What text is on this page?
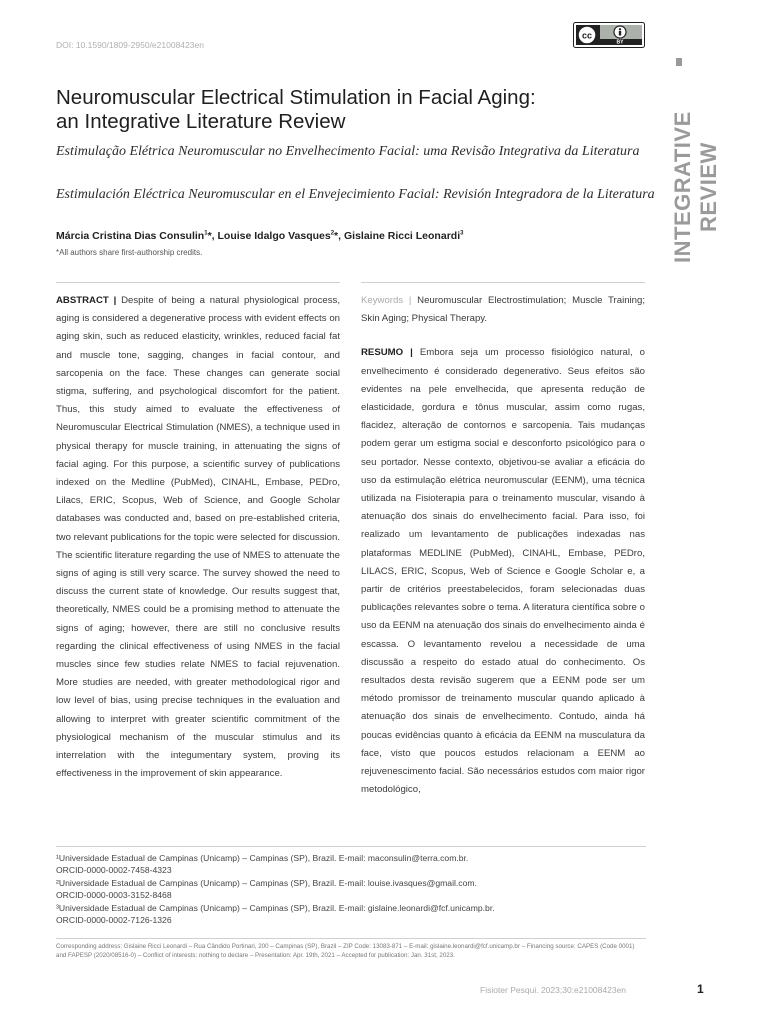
DOI: 10.1590/1809-2950/e21008423en
cc
BY
INTEGRATIVE REVIEW
Neuromuscular Electrical Stimulation in Facial Aging:
an Integrative Literature Review
Estimulação Elétrica Neuromuscular no Envelhecimento Facial: uma Revisão Integrativa da Literatura
Estimulación Eléctrica Neuromuscular en el Envejecimiento Facial: Revisión Integradora de la Literatura
Márcia Cristina Dias Consulin$^1$*, Louise Idalgo Vasques$^2$*, Gislaine Ricci Leonardi$^3$
*All authors share first-authorship credits.
ABSTRACT | Despite of being a natural physiological process, aging is considered a degenerative process with evident effects on aging skin, such as reduced elasticity, wrinkles, reduced facial fat and muscle tone, sagging, changes in facial contour, and sarcopenia on the face. These changes can generate social stigma, suffering, and psychological discomfort for the patient. Thus, this study aimed to evaluate the effectiveness of Neuromuscular Electrical Stimulation (NMES), a technique used in physical therapy for muscle training, in attenuating the signs of facial aging. For this purpose, a scientific survey of publications indexed on the Medline (PubMed), CINAHL, Embase, PEDro, Lilacs, ERIC, Scopus, Web of Science, and Google Scholar databases was conducted and, based on pre-established criteria, two relevant publications for the topic were selected for discussion. The scientific literature regarding the use of NMES to attenuate the signs of aging is still very scarce. The survey showed the need to discuss the current state of knowledge. Our results suggest that, theoretically, NMES could be a promising method to attenuate the signs of aging; however, there are still no conclusive results regarding the clinical effectiveness of using NMES in the facial muscles since few studies relate NMES to facial rejuvenation. More studies are needed, with greater methodological rigor and low level of bias, using precise techniques in the evaluation and allowing to interpret with greater scientific commitment of the physiological mechanism of the muscular stimulus and its interrelation with the integumentary system, proving its effectiveness in the improvement of skin appearance.
Keywords | Neuromuscular Electrostimulation; Muscle Training; Skin Aging; Physical Therapy.
RESUMO | Embora seja um processo fisiológico natural, o envelhecimento é considerado degenerativo. Seus efeitos são evidentes na pele envelhecida, que apresenta redução de elasticidade, gordura e tônus muscular, assim como rugas, flacidez, alteração de contornos e sarcopenia. Tais mudanças podem gerar um estigma social e desconforto psicológico para o seu portador. Nesse contexto, objetivou-se avaliar a eficácia do uso da estimulação elétrica neuromuscular (EENM), uma técnica utilizada na Fisioterapia para o treinamento muscular, visando à atenuação dos sinais do envelhecimento facial. Para isso, foi realizado um levantamento de publicações indexadas nas plataformas MEDLINE (PubMed), CINAHL, Embase, PEDro, LILACS, ERIC, Scopus, Web of Science e Google Scholar e, a partir de critérios preestabelecidos, foram selecionadas duas publicações relevantes sobre o tema. A literatura científica sobre o uso da EENM na atenuação dos sinais do envelhecimento ainda é escassa. O levantamento revelou a necessidade de uma discussão a respeito do estado atual do conhecimento. Os resultados desta revisão sugerem que a EENM pode ser um método promissor de treinamento muscular quando aplicado à atenuação dos sinais de envelhecimento. Contudo, ainda há poucas evidências quanto à eficácia da EENM na musculatura da face, visto que poucos estudos relacionam a EENM ao rejuvenescimento facial. São necessários estudos com maior rigor metodológico,
¹Universidade Estadual de Campinas (Unicamp) – Campinas (SP), Brazil. E-mail: maconsulin@terra.com.br.
ORCID-0000-0002-7458-4323
²Universidade Estadual de Campinas (Unicamp) – Campinas (SP), Brazil. E-mail: louise.ivasques@gmail.com.
ORCID-0000-0003-3152-8468
³Universidade Estadual de Campinas (Unicamp) – Campinas (SP), Brazil. E-mail: gislaine.leonardi@fcf.unicamp.br.
ORCID-0000-0002-7126-1326
Corresponding address: Gislaine Ricci Leonardi – Rua Cândido Portinari, 200 – Campinas (SP), Brazil – ZIP Code: 13083-871 – E-mail: gislaine.leonardi@fcf.unicamp.br – Financing source: CAPES (Code 0001) and FAPESP (2020/08516-0) – Conflict of interests: nothing to declare – Presentation: Apr. 19th, 2021 – Accepted for publication: Jan. 31st, 2023.
Fisioter Pesqui. 2023;30:e21008423en	1
